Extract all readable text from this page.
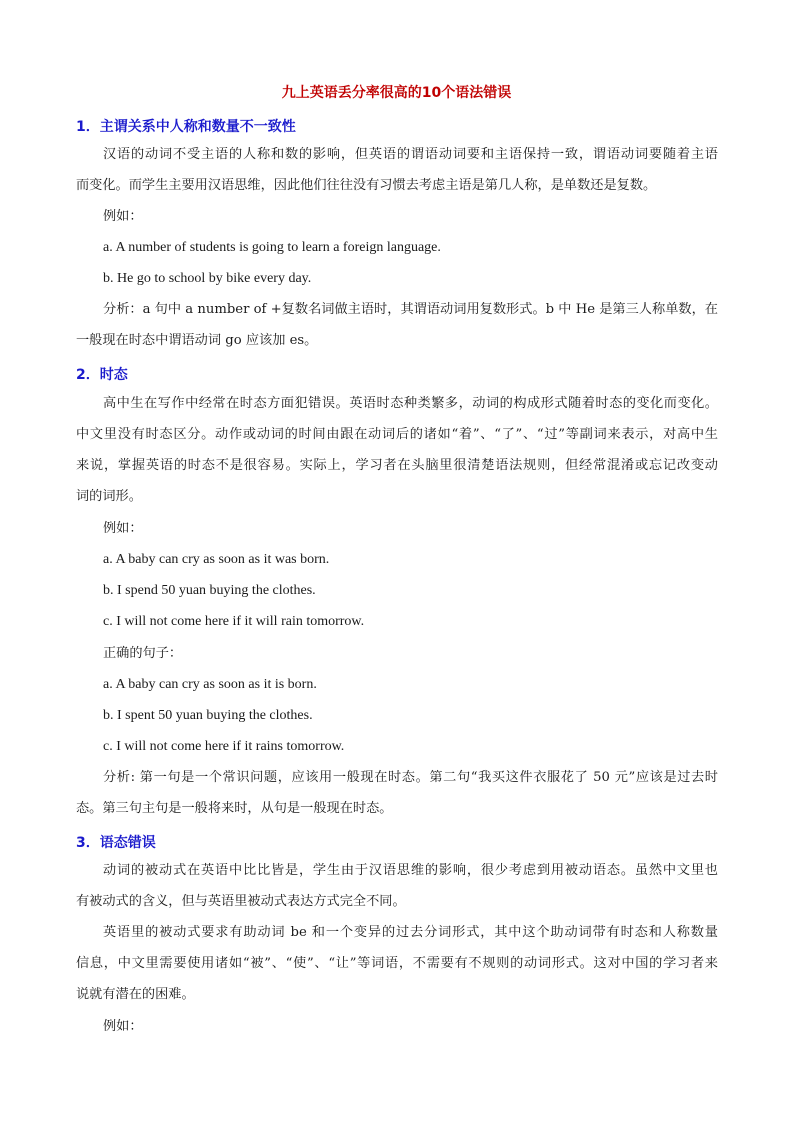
九上英语丢分率很高的10个语法错误
1．主谓关系中人称和数量不一致性
汉语的动词不受主语的人称和数的影响，但英语的谓语动词要和主语保持一致，谓语动词要随着主语
而变化。而学生主要用汉语思维，因此他们往往没有习惯去考虑主语是第几人称，是单数还是复数。
例如：
a. A number of students is going to learn a foreign language.
b. He go to school by bike every day.
分析：a 句中 a number of +复数名词做主语时，其谓语动词用复数形式。b 中 He 是第三人称单数，在
一般现在时态中谓语动词 go 应该加 es。
2．时态
高中生在写作中经常在时态方面犯错误。英语时态种类繁多，动词的构成形式随着时态的变化而变化。
中文里没有时态区分。动作或动词的时间由跟在动词后的诸如“着”、“了”、“过”等副词来表示，对高中生
来说，掌握英语的时态不是很容易。实际上，学习者在头脑里很清楚语法规则，但经常混淆或忘记改变动
词的词形。
例如：
a. A baby can cry as soon as it was born.
b. I spend 50 yuan buying the clothes.
c. I will not come here if it will rain tomorrow.
正确的句子：
a. A baby can cry as soon as it is born.
b. I spent 50 yuan buying the clothes.
c. I will not come here if it rains tomorrow.
分析: 第一句是一个常识问题，应该用一般现在时态。第二句“我买这件衣服花了 50 元”应该是过去时
态。第三句主句是一般将来时，从句是一般现在时态。
3．语态错误
动词的被动式在英语中比比皆是，学生由于汉语思维的影响，很少考虑到用被动语态。虽然中文里也
有被动式的含义，但与英语里被动式表达方式完全不同。
英语里的被动式要求有助动词 be 和一个变异的过去分词形式，其中这个助动词带有时态和人称数量
信息，中文里需要使用诸如“被”、“使”、“让”等词语，不需要有不规则的动词形式。这对中国的学习者来
说就有潜在的困难。
例如：
